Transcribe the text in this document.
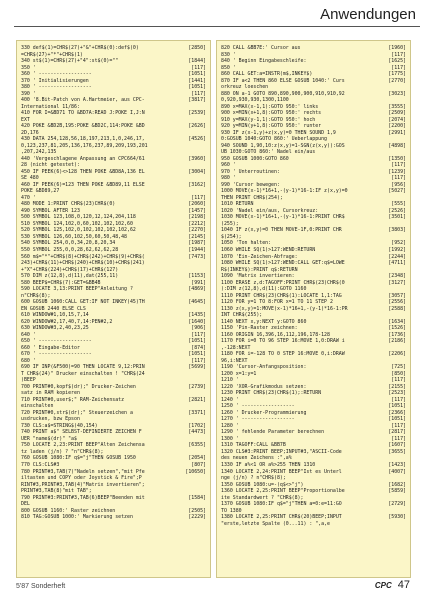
Anwendungen
330 def$(1)=CHR$(27)+"&"+CHR$(0):def$(0)	[2850]
=CHR$(27)+"*"+CHR$(1)
340 st$(1)=CHR$(27)+"4":st$(0)=""	[1844]
350 '	[117]
360 ' ------------------	[1051]
370 ' Initialisierungen	[1441]
380 ' ------------------	[1051]
390 '	[117]
400 '8.Bit-Patch von A.Hartmeier, aus CPC-	[3817]
International 11/86:
410 FOR I=&BD71 TO &BD7A:READ J:POKE I,J:N	[2539]
EXT
420 POKE &BD2B,195:POKE &BD2C,114:POKE &BD	[2626]
2D,176
430 DATA 254,128,56,18,197,213,1,0,246,17,	[4526]
0,123,237,81,205,136,176,237,89,209,193,201
,207,242,135
440 'Vergeschlagene Anpassung an CPC664/61	[3960]
28 (nicht getestet):
450 IF PEEK(6)<>128 THEN POKE &BD8A,136 EL	[3004]
SE 480
460 IF PEEK(6)=123 THEN POKE &BD89,11 ELSE	[3162]
POKE &BD89,27
470 '	[117]
480 MODE 1:PRINT CHR$(23)CHR$(0)	[2060]
490 SYMBOL AFTER 123	[1457]
500 SYMBOL 123,108,0,120,12,124,204,118	[2198]
510 SYMBOL 124,102,0,60,102,102,102,60	[2212]
520 SYMBOL 125,102,0,102,102,102,102,62	[2270]
530 SYMBOL 126,60,102,50,60,50,48,48	[2145]
540 SYMBOL 254,0,0,34,20,8,20,34	[1987]
550 SYMBOL 255,0,0,28,62,62,62,28	[1944]
560 m$="*"+CHR$(8)+CHR$(242)+CHR$(9)+CHR$(	[7473]
243)+CHR$(11)+CHR$(240)+CHR$(10)+CHR$(241)
+"X"+CHR$(224)+CHR$(17)+CHR$(127)
570 DIM z(12,8),d(11),dat(255,11)	[1153]
580 BEEP$=CHR$(7):GET=&BB4B	[991]
590 LOCATE 3,13:PRINT BEEP"Anleitung ?	[4869]
n"CHR$(8);
600 GOSUB 1060:CALL GET:IF NOT INKEY(45)TH	[4645]
EN GOSUB 2440 ELSE CLS
610 WINDOW#1,10,15,7,14	[1435]
620 WINDOW#2,17,40,7,14:PEN#2,2	[1640]
630 WINDOW#3,2,40,23,25	[906]
640 '	[117]
650 ' ------------------	[1051]
660 ' Eingabe-Editor	[874]
670 ' ------------------	[1051]
680 '	[117]
690 IF INP(&F500)=90 THEN LOCATE 9,12:PRIN	[5699]
T CHR$(24)" Drucker einschalten ! "CHR$(24
)BEEP
700 PRINT#0,kopf$(dr);" Drucker-Zeichen	[2739]
satz in RAM kopieren
710 PRINT#0,user$;" RAM-Zeichensatz	[2821]
einschalten
720 PRINT#0,str$(dr);" Steuerzeichen a	[3371]
usdrucken, bzw Epson
730 CLS:a$=STRING$(40,154)	[1702]
740 PRINT a$" SELBST-DEFINIERTE ZEICHEN F	[4473]
UER "name$(dr)" "a$
750 LOCATE 2,23:PRINT BEEP"Alten Zeichensa	[6355]
tz laden (j/n) ? "n"CHR$(8);
760 GOSUB 1080:IF q$="j"THEN GOSUB 1950	[2054]
770 CLS:CLS#3	[807]
780 PRINT#3,TAB(7)"Nadeln setzen","mit Pfe	[10650]
iltasten und COPY oder Joystick & Fire";P
RINT#3,PRINT#3,TAB(4)"Matrix invertieren";
PRINT#3,TAB(8)"mit TAB";
790 PRINT#3:PRINT#3,TAB(6)BEEP"Beenden mit	[1584]
DEL
800 GOSUB 1160:' Raster zeichnen	[2505]
810 TAG:GOSUB 1000:' Markierung setzen	[2229]
820 CALL &BB7E:' Cursor aus	[1960]
830 '	[117]
840 ' Beginn Eingabeschleife:	[1625]
850 '	[117]
860 CALL GET:a=INSTR(m$,INKEY$)	[1775]
870 IF a<2 THEN 860 ELSE GOSUB 1040:' Curs	[2770]
orkreuz loeschen
880 ON a-1 GOTO 890,890,900,900,910,910,92	[3023]
0,920,930,930,1300,1100
890 x=MAX(x-1,1):GOTO 950:' links	[3555]
900 x=MIN(x+1,8):GOTO 950:' rechts	[2509]
910 y=MAX(y-1,1):GOTO 950:' hoch	[2074]
920 y=MIN(y+1,8):GOTO 950:' runter	[2200]
930 IF z(x-1,y)+z(x,y)=0 THEN SOUND 1,9	[2991]
0:GOSUB 1040:GOTO 860:' Ueberlappung
940 SOUND 1,90,10:z(x,y)=1-SGN(z(x,y)):GOS	[4898]
UB 1030:GOTO 860:' Nadel ein/aus
950 GOSUB 1000:GOTO 860	[1350]
960 '	[117]
970 ' Unterroutinen:	[1239]
980 '	[117]
990 'Cursor bewegen:	[956]
1000 MOVE(x-1)*16+1,-(y-1)*16-1:IF z(x,y)=0	[5027]
THEN PRINT CHR$(254);
1010 RETURN	[555]
1020 'Nadel ein/aus, Cursorkreuz:	[2526]
1030 MOVE(x-1)*16+1,-(y-1)*16-1:PRINT CHR$	[3501]
(255);
1040 IF z(x,y)=0 THEN MOVE-1F,0:PRINT CHR	[3803]
$(254);
1050 'Ton halten:	[952]
1060 WHILE SQ(1)>127:WEND:RETURN	[1992]
1070 'Ein-Zeichen-Abfrage:	[2244]
1080 WHILE SQ(1)>127:WEND:CALL GET:q$=LOWE	[4711]
R$(INKEY$):PRINT q$:RETURN
1090 'Matrix invertieren:	[2348]
1100 ERASE z,d:TAGOFF:PRINT CHR$(23)CHR$(0	[3127]
):DIM z(12,8),d(11):GOTO 1160
1110 PRINT CHR$(23)CHR$(1):LOCATE 1,1:TAG	[3057]
1120 FOR y=1 TO 8:FOR x=1 TO 11 STEP 2	[2556]
1130 z(x,y)=1:MOVE(x-1)*16+1,-(y-1)*16-1:PR	[2588]
INT CHR$(255);
1140 NEXT x,y:NEXT y:GOTO 860	[1634]
1150 'Pin-Raster zeichnen:	[1526]
1160 ORIGIN 16,396,16,112,196,178-128	[1736]
1170 FOR i=0 TO 96 STEP 16:MOVE 1,0:DRAW i	[2186]
,-128:NEXT
1180 FOR i=-128 TO 0 STEP 16:MOVE 0,i:DRAW	[2206]
96,i:NEXT
1190 'Cursor-Anfangsposition:	[725]
1200 x=1:y=1	[850]
1210 '	[117]
1220 'XOR-Grafikmodus setzen:	[2155]
1230 PRINT CHR$(23)CHR$(1);:RETURN	[2523]
1240 '	[117]
1250 ' ------------------	[1051]
1260 ' Drucker-Programmierung	[2366]
1270 ' ------------------	[1051]
1280 '	[117]
1290 ' fehlende Parameter berechnen	[2817]
1300 '	[117]
1310 TAGOFF:CALL &BB7B	[1607]
1320 CLS#3:PRINT BEEP;INPUT#3,"ASCII-Code	[3655]
des neuen Zeichens :",a%
1330 IF a%<1 OR a%>255 THEN 1310	[1423]
1340 LOCATE 2,24:PRINT BEEP"Ist es Unterl	[4007]
nge (j/n) ? n"CHR$(8);
1350 GOSUB 1080:u=-(q$<>"j")	[1682]
1360 LOCATE 2,25:PRINT BEEP"Proportionalbe	[5859]
ite Standardwert ? "CHR$(8);
1370 GOSUB 1080:IF q$="j"THEN a=0:e=11:GO	[2729]
TO 1380
1380 LOCATE 2,25:PRINT CHR$(20)BEEP;INPUT	[5930]
"erste,letzte Spalte (0...11) : ",a,e
5'87 Sonderheft	CPC 47
